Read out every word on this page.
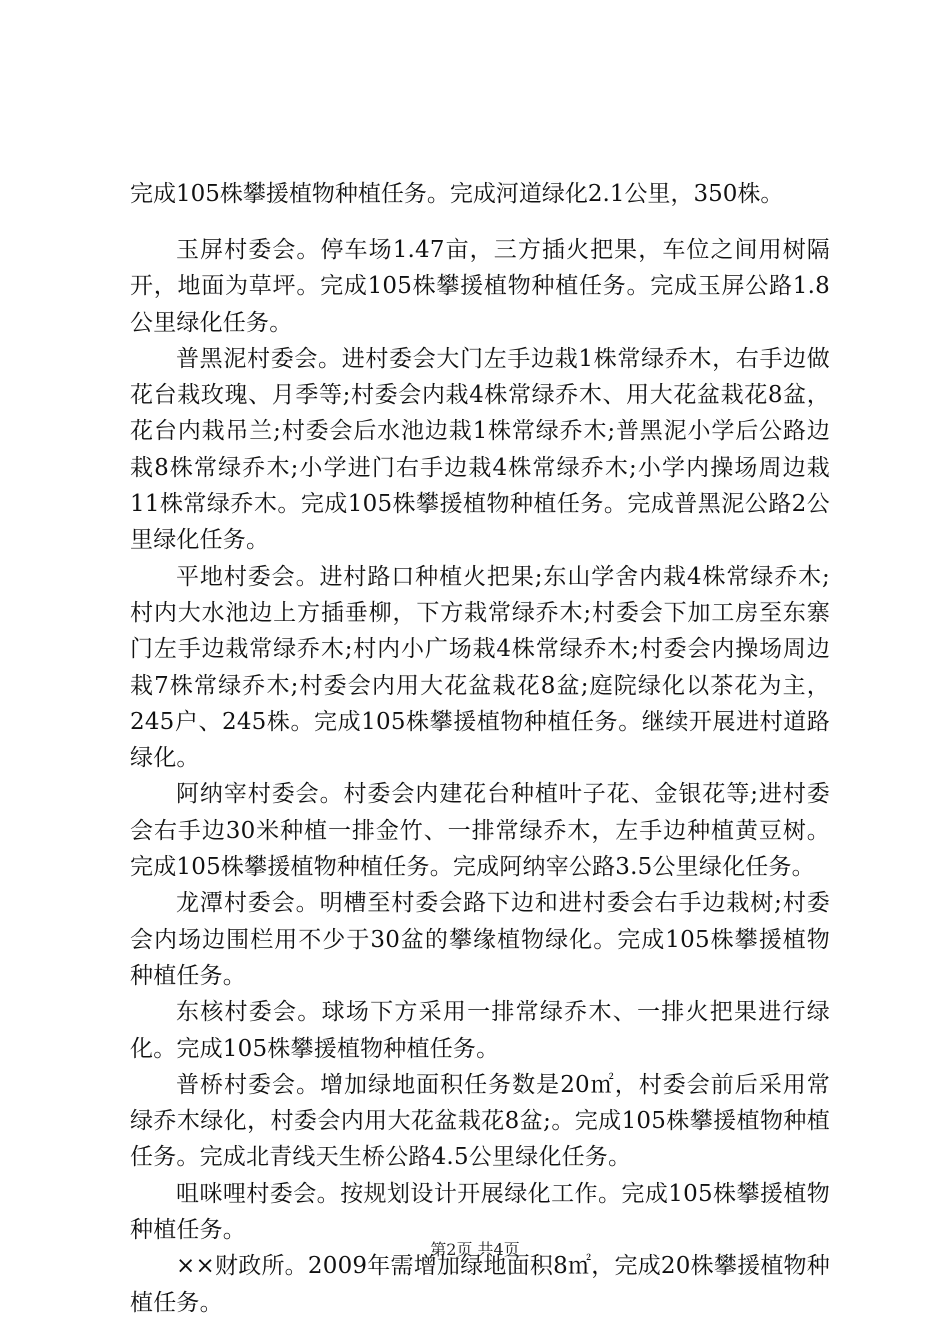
完成105株攀援植物种植任务。完成河道绿化2.1公里，350株。

玉屏村委会。停车场1.47亩，三方插火把果，车位之间用树隔开，地面为草坪。完成105株攀援植物种植任务。完成玉屏公路1.8公里绿化任务。

普黑泥村委会。进村委会大门左手边栽1株常绿乔木，右手边做花台栽玫瑰、月季等;村委会内栽4株常绿乔木、用大花盆栽花8盆，花台内栽吊兰;村委会后水池边栽1株常绿乔木;普黑泥小学后公路边栽8株常绿乔木;小学进门右手边栽4株常绿乔木;小学内操场周边栽11株常绿乔木。完成105株攀援植物种植任务。完成普黑泥公路2公里绿化任务。

平地村委会。进村路口种植火把果;东山学舍内栽4株常绿乔木;村内大水池边上方插垂柳，下方栽常绿乔木;村委会下加工房至东寨门左手边栽常绿乔木;村内小广场栽4株常绿乔木;村委会内操场周边栽7株常绿乔木;村委会内用大花盆栽花8盆;庭院绿化以茶花为主，245户、245株。完成105株攀援植物种植任务。继续开展进村道路绿化。

阿纳宰村委会。村委会内建花台种植叶子花、金银花等;进村委会右手边30米种植一排金竹、一排常绿乔木，左手边种植黄豆树。完成105株攀援植物种植任务。完成阿纳宰公路3.5公里绿化任务。

龙潭村委会。明槽至村委会路下边和进村委会右手边栽树;村委会内场边围栏用不少于30盆的攀缘植物绿化。完成105株攀援植物种植任务。

东核村委会。球场下方采用一排常绿乔木、一排火把果进行绿化。完成105株攀援植物种植任务。

普桥村委会。增加绿地面积任务数是20㎡，村委会前后采用常绿乔木绿化，村委会内用大花盆栽花8盆;。完成105株攀援植物种植任务。完成北青线天生桥公路4.5公里绿化任务。

咀咪哩村委会。按规划设计开展绿化工作。完成105株攀援植物种植任务。

××财政所。2009年需增加绿地面积8㎡，完成20株攀援植物种植任务。

第2页 共4页
